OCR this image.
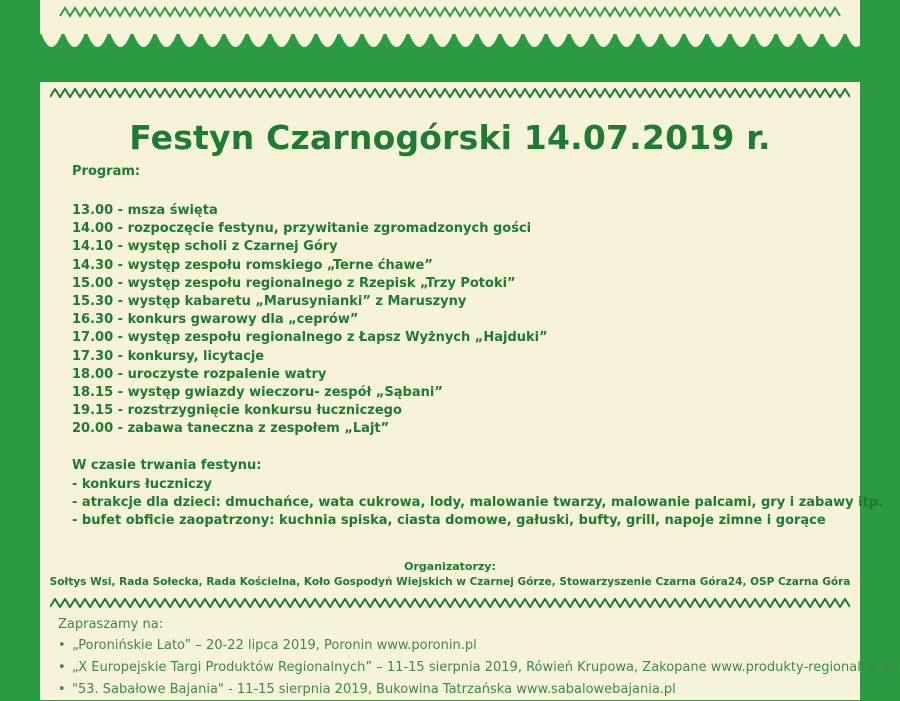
Festyn Czarnogórski 14.07.2019 r.
Program:
13.00 - msza święta
14.00 - rozpoczęcie festynu, przywitanie zgromadzonych gości
14.10 - występ scholi z Czarnej Góry
14.30 - występ zespołu romskiego „Terne ćhawe”
15.00 - występ zespołu regionalnego z Rzepisk „Trzy Potoki”
15.30 - występ kabaretu „Marusynianki” z Maruszyny
16.30 - konkurs gwarowy dla „ceprów”
17.00 - występ zespołu regionalnego z Łapsz Wyżnych „Hajduki”
17.30 - konkursy, licytacje
18.00 - uroczyste rozpalenie watry
18.15 - występ gwiazdy wieczoru- zespół „Sąbani”
19.15 - rozstrzygnięcie konkursu łuczniczego
20.00 - zabawa taneczna z zespołem „Lajt”
W czasie trwania festynu:
- konkurs łuczniczy
- atrakcje dla dzieci: dmuchańce, wata cukrowa, lody, malowanie twarzy, malowanie palcami, gry i zabawy itp.
- bufet obficie zaopatrzony: kuchnia spiska, ciasta domowe, gałuski, bufty, grill, napoje zimne i gorące
Organizatorzy:
Sołtys Wsi, Rada Sołecka, Rada Kościelna, Koło Gospodyń Wiejskich w Czarnej Górze, Stowarzyszenie Czarna Góra24, OSP Czarna Góra
Zapraszamy na:
• „Poronińskie Lato” – 20-22 lipca 2019, Poronin www.poronin.pl
• „X Europejskie Targi Produktów Regionalnych” – 11-15 sierpnia 2019, Rówień Krupowa, Zakopane www.produkty-regionalne.eu
• "53. Sabałowe Bajania" - 11-15 sierpnia 2019, Bukowina Tatrzańska www.sabalowebajania.pl
